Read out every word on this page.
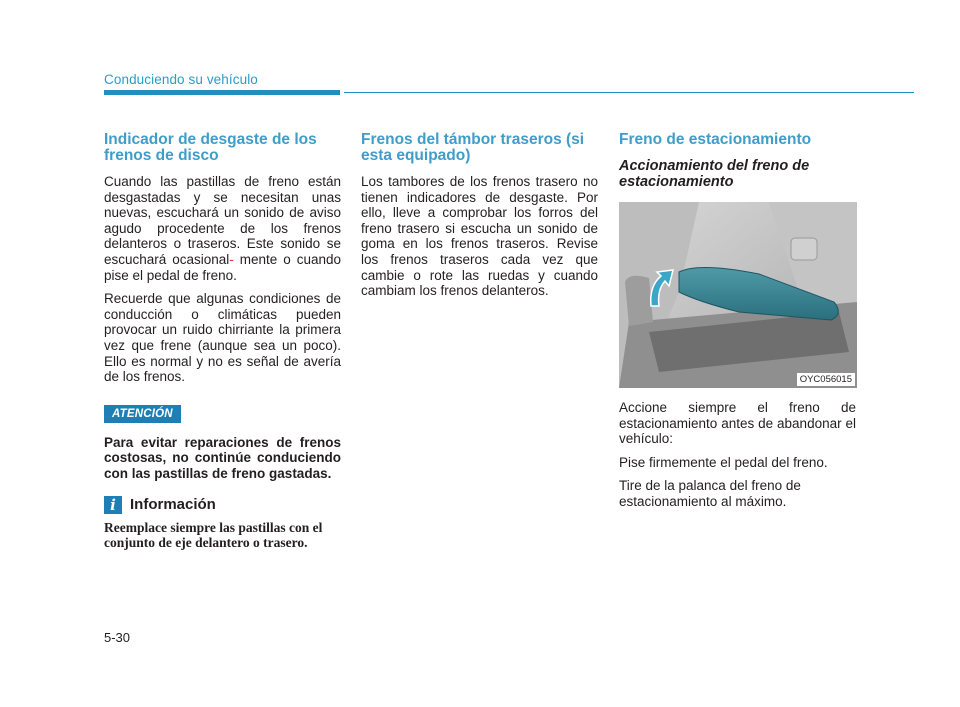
Conduciendo su vehículo
Indicador de desgaste de los frenos de disco
Cuando las pastillas de freno están desgastadas y se necesitan unas nuevas, escuchará un sonido de aviso agudo procedente de los frenos delanteros o traseros. Este sonido se escuchará ocasional- mente o cuando pise el pedal de freno.
Recuerde que algunas condiciones de conducción o climáticas pueden provocar un ruido chirriante la primera vez que frene (aunque sea un poco). Ello es normal y no es señal de avería de los frenos.
ATENCIÓN
Para evitar reparaciones de frenos costosas, no continúe conduciendo con las pastillas de freno gastadas.
i Información
Reemplace siempre las pastillas con el conjunto de eje delantero o trasero.
Frenos del támbor traseros (si esta equipado)
Los tambores de los frenos trasero no tienen indicadores de desgaste. Por ello, lleve a comprobar los forros del freno trasero si escucha un sonido de goma en los frenos traseros. Revise los frenos traseros cada vez que cambie o rote las ruedas y cuando cambiam los frenos delanteros.
Freno de estacionamiento
Accionamiento del freno de estacionamiento
OYC056015
Accione siempre el freno de estacionamiento antes de abandonar el vehículo:
Pise firmemente el pedal del freno.
Tire de la palanca del freno de estacionamiento al máximo.
5-30
